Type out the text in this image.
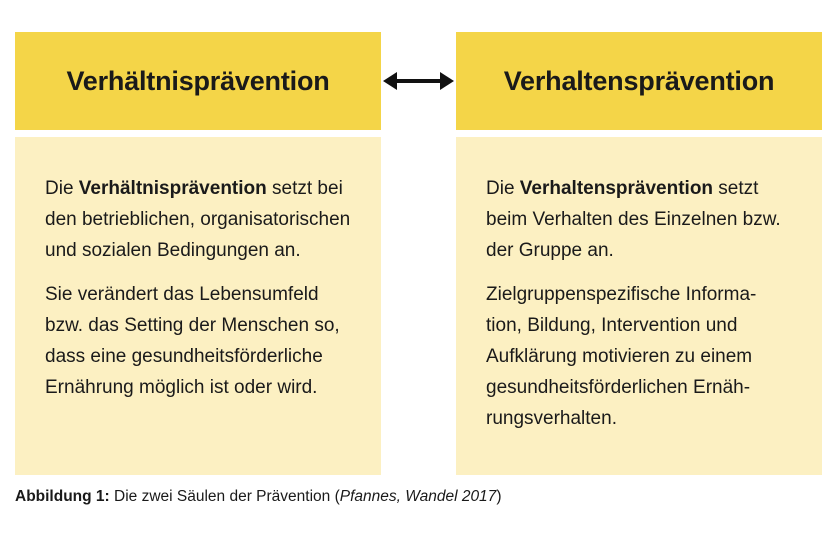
Verhältnisprävention

Die Verhältnisprävention setzt bei
den betrieblichen, organisatorischen
und sozialen Bedingungen an.

Sie verändert das Lebensumfeld
bzw. das Setting der Menschen so,
dass eine gesundheitsförderliche
Ernährung möglich ist oder wird.

Verhaltensprävention

Die Verhaltensprävention setzt
beim Verhalten des Einzelnen bzw.
der Gruppe an.

Zielgruppenspezifische Informa-
tion, Bildung, Intervention und
Aufklärung motivieren zu einem
gesundheitsförderlichen Ernäh-
rungsverhalten.

Abbildung 1: Die zwei Säulen der Prävention (Pfannes, Wandel 2017)
